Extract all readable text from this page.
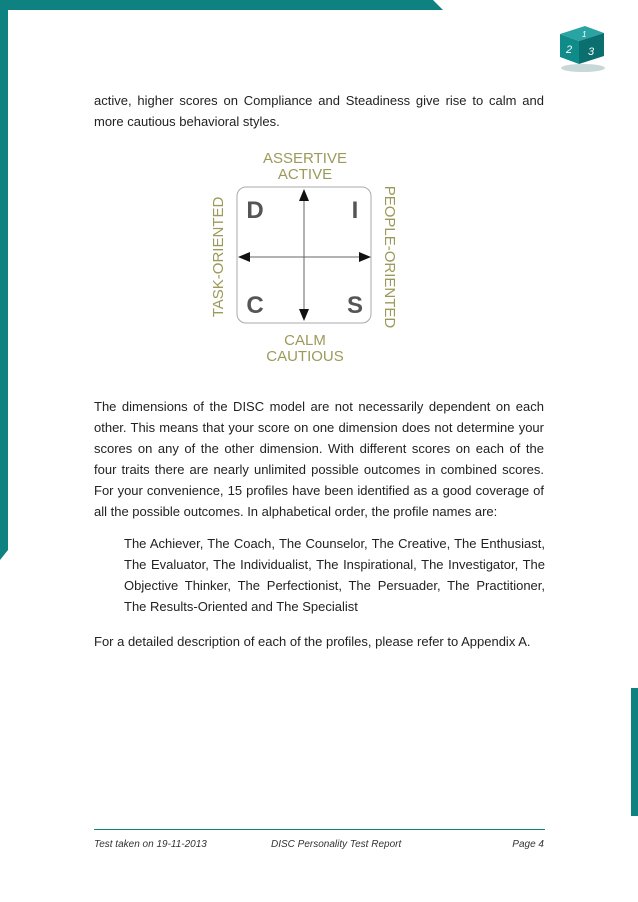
1
2 3

active, higher scores on Compliance and Steadiness give rise to calm and more cautious behavioral styles.

ASSERTIVE
ACTIVE
TASK-ORIENTED	PEOPLE-ORIENTED
D	I
C	S
CALM
CAUTIOUS

The dimensions of the DISC model are not necessarily dependent on each other. This means that your score on one dimension does not determine your scores on any of the other dimension. With different scores on each of the four traits there are nearly unlimited possible outcomes in combined scores. For your convenience, 15 profiles have been identified as a good coverage of all the possible outcomes. In alphabetical order, the profile names are:

The Achiever, The Coach, The Counselor, The Creative, The Enthusiast, The Evaluator, The Individualist, The Inspirational, The Investigator, The Objective Thinker, The Perfectionist, The Persuader, The Practitioner, The Results-Oriented and The Specialist

For a detailed description of each of the profiles, please refer to Appendix A.

Test taken on 19-11-2013	DISC Personality Test Report	Page 4
